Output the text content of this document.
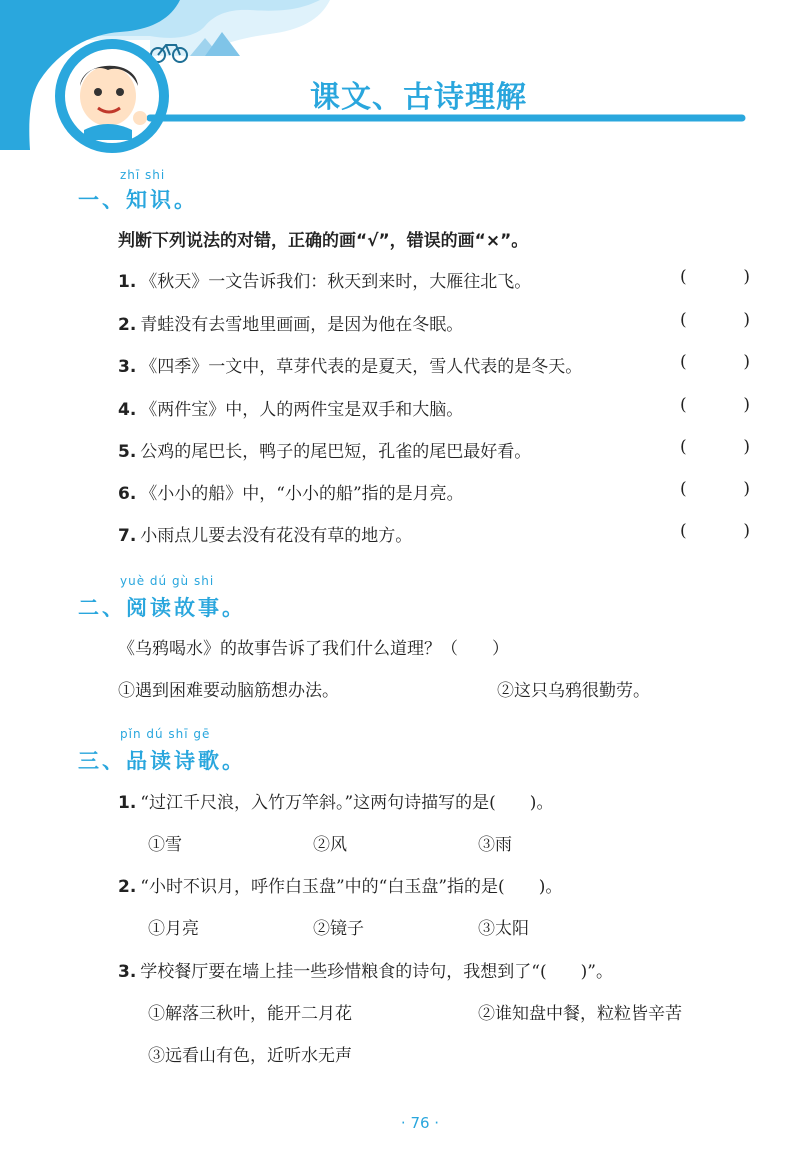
课文、古诗理解
zhī shi
一、知识。
判断下列说法的对错，正确的画“√”，错误的画“×”。
1. 《秋天》一文告诉我们：秋天到来时，大雁往北飞。	(	)
2. 青蛙没有去雪地里画画，是因为他在冬眠。	(	)
3. 《四季》一文中，草芽代表的是夏天，雪人代表的是冬天。	(	)
4. 《两件宝》中，人的两件宝是双手和大脑。	(	)
5. 公鸡的尾巴长，鸭子的尾巴短，孔雀的尾巴最好看。	(	)
6. 《小小的船》中，“小小的船”指的是月亮。	(	)
7. 小雨点儿要去没有花没有草的地方。	(	)
yuè dú gù shi
二、阅读故事。
《乌鸦喝水》的故事告诉了我们什么道理？（　　）
①遇到困难要动脑筋想办法。	②这只乌鸦很勤劳。
pǐn dú shī gē
三、品读诗歌。
1. “过江千尺浪，入竹万竿斜。”这两句诗描写的是(　　)。
①雪	②风	③雨
2. “小时不识月，呼作白玉盘”中的“白玉盘”指的是(　　)。
①月亮	②镜子	③太阳
3. 学校餐厅要在墙上挂一些珍惜粮食的诗句，我想到了“(　　)”。
①解落三秋叶，能开二月花	②谁知盘中餐，粒粒皆辛苦
③远看山有色，近听水无声
· 76 ·
